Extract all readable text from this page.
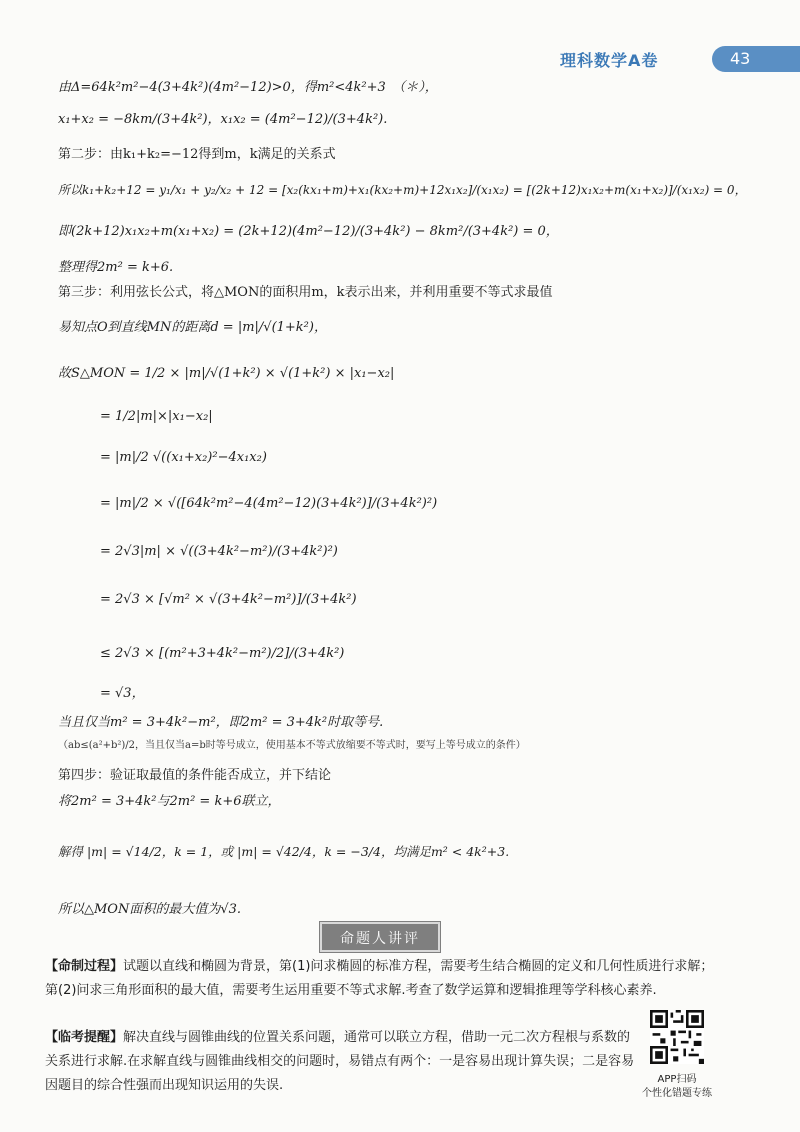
理科数学A卷	43
由Δ=64k²m²−4(3+4k²)(4m²−12)>0，得m²<4k²+3　（＊），
x₁+x₂ = −8km/(3+4k²)，x₁x₂ = (4m²−12)/(3+4k²).
第二步：由k₁+k₂=−12得到m，k满足的关系式
所以k₁+k₂+12 = y₁/x₁ + y₂/x₂ + 12 = [x₂(kx₁+m)+x₁(kx₂+m)+12x₁x₂]/(x₁x₂) = [(2k+12)x₁x₂+m(x₁+x₂)]/(x₁x₂) = 0，
即(2k+12)x₁x₂+m(x₁+x₂) = (2k+12)(4m²−12)/(3+4k²) − 8km²/(3+4k²) = 0，
整理得2m² = k+6.
第三步：利用弦长公式，将△MON的面积用m，k表示出来，并利用重要不等式求最值
易知点O到直线MN的距离d = |m|/√(1+k²)，
故S△MON = 1/2 × |m|/√(1+k²) × √(1+k²) × |x₁−x₂|
= 1/2|m|×|x₁−x₂|
= |m|/2 √((x₁+x₂)²−4x₁x₂)
= |m|/2 × √([64k²m²−4(4m²−12)(3+4k²)]/(3+4k²)²)
= 2√3|m| × √((3+4k²−m²)/(3+4k²)²)
= 2√3 × [√m² × √(3+4k²−m²)]/(3+4k²)
≤ 2√3 × [(m²+3+4k²−m²)/2]/(3+4k²)
= √3，
当且仅当m² = 3+4k²−m²，即2m² = 3+4k²时取等号.
（ab≤(a²+b²)/2，当且仅当a=b时等号成立，使用基本不等式放缩要不等式时，要写上等号成立的条件）
第四步：验证取最值的条件能否成立，并下结论
将2m² = 3+4k²与2m² = k+6联立，
解得 |m| = √14/2，k = 1，或 |m| = √42/4，k = −3/4，均满足m² < 4k²+3.
所以△MON面积的最大值为√3.
命题人讲评
【命制过程】试题以直线和椭圆为背景，第(1)问求椭圆的标准方程，需要考生结合椭圆的定义和几何性质进行求解；第(2)问求三角形面积的最大值，需要考生运用重要不等式求解.考查了数学运算和逻辑推理等学科核心素养.
【临考提醒】解决直线与圆锥曲线的位置关系问题，通常可以联立方程，借助一元二次方程根与系数的关系进行求解.在求解直线与圆锥曲线相交的问题时，易错点有两个：一是容易出现计算失误；二是容易因题目的综合性强而出现知识运用的失误.	APP扫码
个性化错题专练
